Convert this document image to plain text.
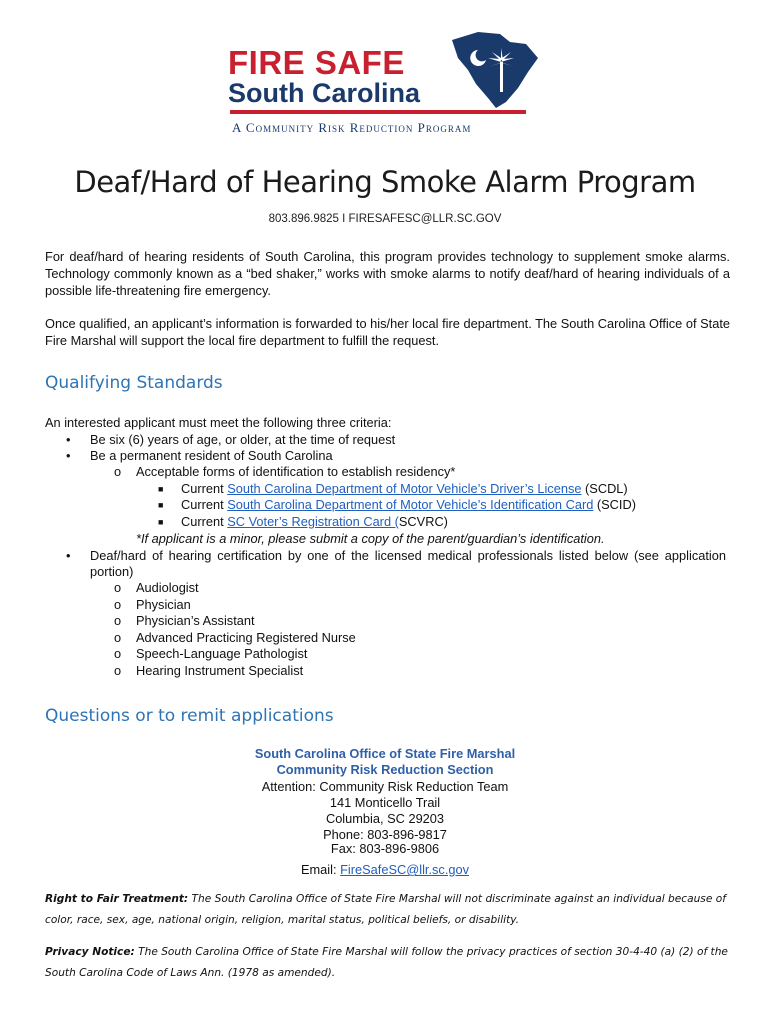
FIRE SAFE
South Carolina
A Community Risk Reduction Program
Deaf/Hard of Hearing Smoke Alarm Program
803.896.9825 I FIRESAFESC@LLR.SC.GOV
For deaf/hard of hearing residents of South Carolina, this program provides technology to supplement smoke alarms. Technology commonly known as a “bed shaker,” works with smoke alarms to notify deaf/hard of hearing individuals of a possible life-threatening fire emergency.
Once qualified, an applicant’s information is forwarded to his/her local fire department. The South Carolina Office of State Fire Marshal will support the local fire department to fulfill the request.
Qualifying Standards
An interested applicant must meet the following three criteria:
• Be six (6) years of age, or older, at the time of request
• Be a permanent resident of South Carolina
o Acceptable forms of identification to establish residency*
■ Current South Carolina Department of Motor Vehicle’s Driver’s License (SCDL)
■ Current South Carolina Department of Motor Vehicle’s Identification Card (SCID)
■ Current SC Voter’s Registration Card (SCVRC)
*If applicant is a minor, please submit a copy of the parent/guardian’s identification.
• Deaf/hard of hearing certification by one of the licensed medical professionals listed below (see application portion)
o Audiologist
o Physician
o Physician’s Assistant
o Advanced Practicing Registered Nurse
o Speech-Language Pathologist
o Hearing Instrument Specialist
Questions or to remit applications
South Carolina Office of State Fire Marshal
Community Risk Reduction Section
Attention: Community Risk Reduction Team
141 Monticello Trail
Columbia, SC 29203
Phone: 803-896-9817
Fax: 803-896-9806
Email: FireSafeSC@llr.sc.gov
Right to Fair Treatment: The South Carolina Office of State Fire Marshal will not discriminate against an individual because of color, race, sex, age, national origin, religion, marital status, political beliefs, or disability.
Privacy Notice: The South Carolina Office of State Fire Marshal will follow the privacy practices of section 30-4-40 (a) (2) of the South Carolina Code of Laws Ann. (1978 as amended).
